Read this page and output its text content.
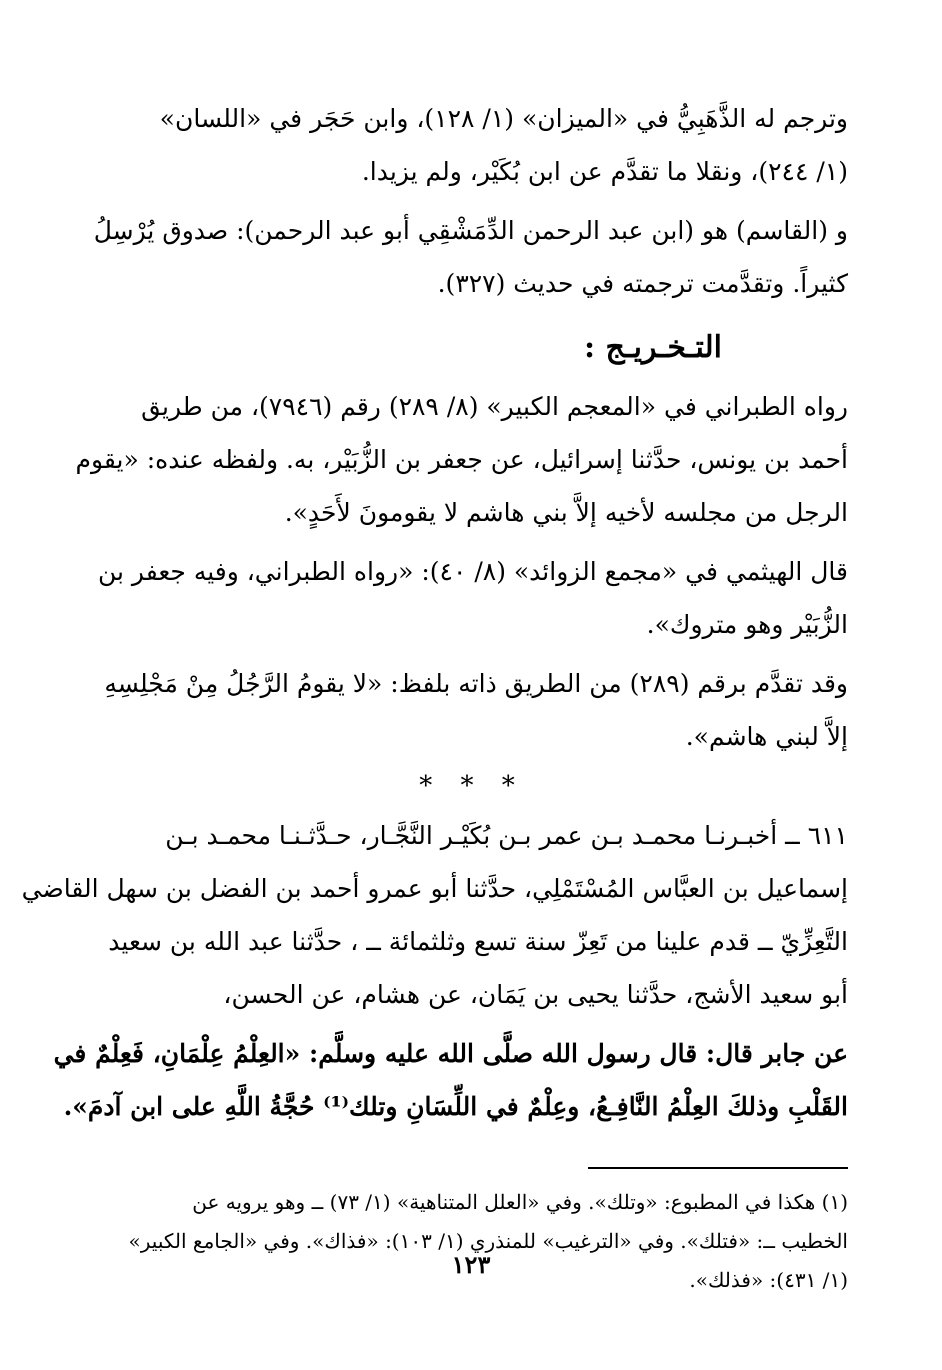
وترجم له الذَّهَبِيُّ في «الميزان» (١/ ١٢٨)، وابن حَجَر في «اللسان»
(١/ ٢٤٤)، ونقلا ما تقدَّم عن ابن بُكَيْر، ولم يزيدا.
و (القاسم) هو (ابن عبد الرحمن الدِّمَشْقِي أبو عبد الرحمن): صدوق يُرْسِلُ
كثيراً. وتقدَّمت ترجمته في حديث (٣٢٧).
التـخـريـج :
رواه الطبراني في «المعجم الكبير» (٨/ ٢٨٩) رقم (٧٩٤٦)، من طريق
أحمد بن يونس، حدَّثنا إسرائيل، عن جعفر بن الزُّبَيْر، به. ولفظه عنده: «يقوم
الرجل من مجلسه لأخيه إلاَّ بني هاشم لا يقومونَ لأَحَدٍ».
قال الهيثمي في «مجمع الزوائد» (٨/ ٤٠): «رواه الطبراني، وفيه جعفر بن
الزُّبَيْر وهو متروك».
وقد تقدَّم برقم (٢٨٩) من الطريق ذاته بلفظ: «لا يقومُ الرَّجُلُ مِنْ مَجْلِسِهِ
إلاَّ لبني هاشم».
* * *
٦١١ ــ أخبـرنـا محمـد بـن عمر بـن بُكَيْـر النَّجَّـار، حـدَّثـنـا محمـد بـن
إسماعيل بن العبَّاس المُسْتَمْلِي، حدَّثنا أبو عمرو أحمد بن الفضل بن سهل القاضي
التَّعِزِّيّ ــ قدم علينا من تَعِزّ سنة تسع وثلثمائة ــ ، حدَّثنا عبد الله بن سعيد
أبو سعيد الأشج، حدَّثنا يحيى بن يَمَان، عن هشام، عن الحسن،
عن جابر قال: قال رسول الله صلَّى الله عليه وسلَّم: «العِلْمُ عِلْمَانِ، فَعِلْمٌ في
القَلْبِ وذلكَ العِلْمُ النَّافِـعُ، وعِلْمٌ في اللِّسَانِ وتلك⁽¹⁾ حُجَّةُ اللَّهِ على ابن آدمَ».
(١) هكذا في المطبوع: «وتلك». وفي «العلل المتناهية» (١/ ٧٣) ــ وهو يرويه عن
الخطيب ــ: «فتلك». وفي «الترغيب» للمنذري (١/ ١٠٣): «فذاك». وفي «الجامع الكبير»
(١/ ٤٣١): «فذلك».
١٢٣
